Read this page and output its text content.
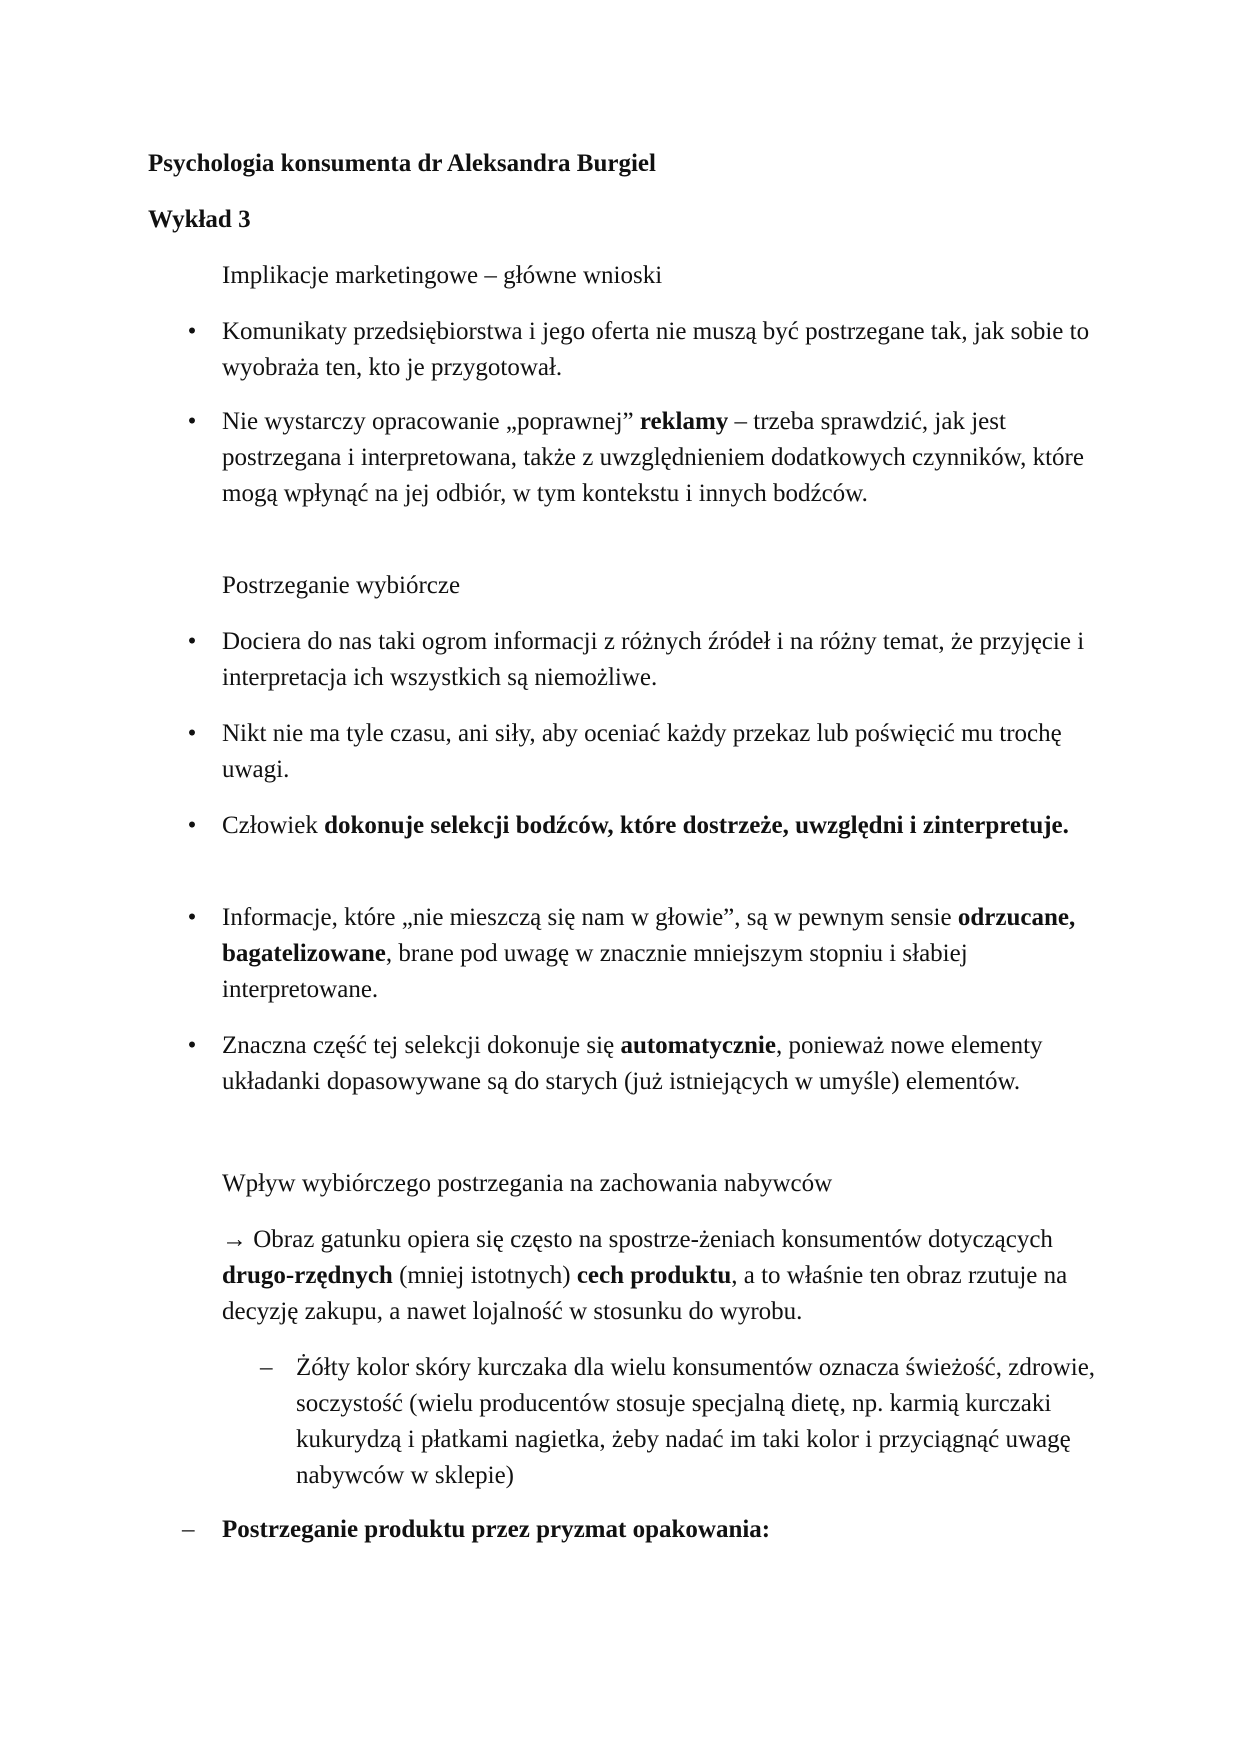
Psychologia konsumenta dr Aleksandra Burgiel
Wykład 3
Implikacje marketingowe – główne wnioski
• Komunikaty przedsiębiorstwa i jego oferta nie muszą być postrzegane tak, jak sobie to wyobraża ten, kto je przygotował.
• Nie wystarczy opracowanie „poprawnej” reklamy – trzeba sprawdzić, jak jest postrzegana i interpretowana, także z uwzględnieniem dodatkowych czynników, które mogą wpłynąć na jej odbiór, w tym kontekstu i innych bodźców.
Postrzeganie wybiórcze
• Dociera do nas taki ogrom informacji z różnych źródeł i na różny temat, że przyjęcie i interpretacja ich wszystkich są niemożliwe.
• Nikt nie ma tyle czasu, ani siły, aby oceniać każdy przekaz lub poświęcić mu trochę uwagi.
• Człowiek dokonuje selekcji bodźców, które dostrzeże, uwzględni i zinterpretuje.
• Informacje, które „nie mieszczą się nam w głowie”, są w pewnym sensie odrzucane, bagatelizowane, brane pod uwagę w znacznie mniejszym stopniu i słabiej interpretowane.
• Znaczna część tej selekcji dokonuje się automatycznie, ponieważ nowe elementy układanki dopasowywane są do starych (już istniejących w umyśle) elementów.
Wpływ wybiórczego postrzegania na zachowania nabywców
→ Obraz gatunku opiera się często na spostrze-żeniach konsumentów dotyczących drugo-rzędnych (mniej istotnych) cech produktu, a to właśnie ten obraz rzutuje na decyzję zakupu, a nawet lojalność w stosunku do wyrobu.
– Żółty kolor skóry kurczaka dla wielu konsumentów oznacza świeżość, zdrowie, soczystość (wielu producentów stosuje specjalną dietę, np. karmią kurczaki kukurydzą i płatkami nagietka, żeby nadać im taki kolor i przyciągnąć uwagę nabywców w sklepie)
– Postrzeganie produktu przez pryzmat opakowania:
